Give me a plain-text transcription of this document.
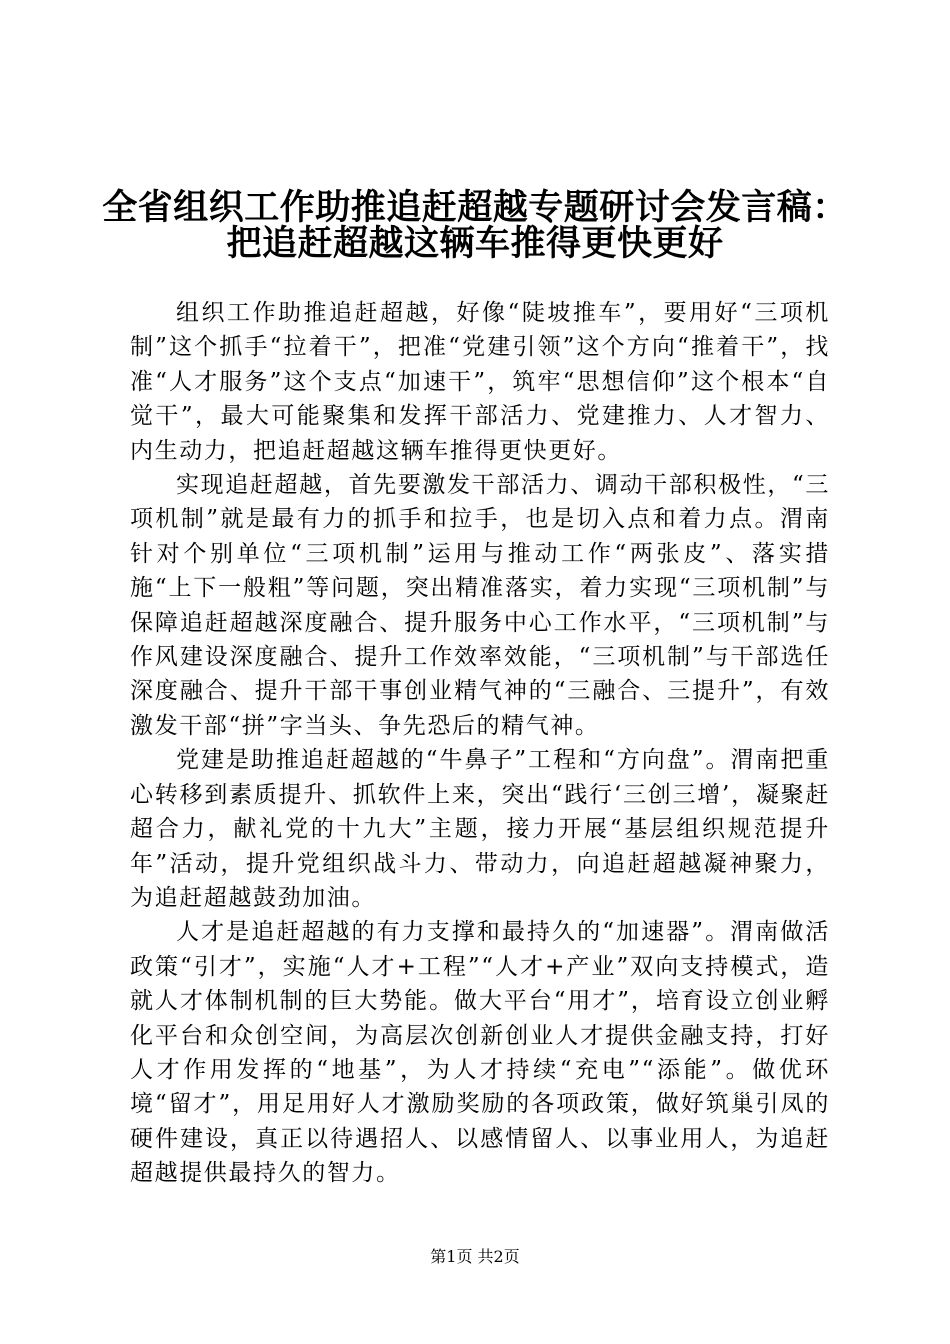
全省组织工作助推追赶超越专题研讨会发言稿：
把追赶超越这辆车推得更快更好

组织工作助推追赶超越，好像“陡坡推车”，要用好“三项机制”这个抓手“拉着干”，把准“党建引领”这个方向“推着干”，找准“人才服务”这个支点“加速干”，筑牢“思想信仰”这个根本“自觉干”，最大可能聚集和发挥干部活力、党建推力、人才智力、内生动力，把追赶超越这辆车推得更快更好。

实现追赶超越，首先要激发干部活力、调动干部积极性，“三项机制”就是最有力的抓手和拉手，也是切入点和着力点。渭南针对个别单位“三项机制”运用与推动工作“两张皮”、落实措施“上下一般粗”等问题，突出精准落实，着力实现“三项机制”与保障追赶超越深度融合、提升服务中心工作水平，“三项机制”与作风建设深度融合、提升工作效率效能，“三项机制”与干部选任深度融合、提升干部干事创业精气神的“三融合、三提升”，有效激发干部“拼”字当头、争先恐后的精气神。

党建是助推追赶超越的“牛鼻子”工程和“方向盘”。渭南把重心转移到素质提升、抓软件上来，突出“践行‘三创三增’，凝聚赶超合力，献礼党的十九大”主题，接力开展“基层组织规范提升年”活动，提升党组织战斗力、带动力，向追赶超越凝神聚力，为追赶超越鼓劲加油。

人才是追赶超越的有力支撑和最持久的“加速器”。渭南做活政策“引才”，实施“人才+工程”“人才+产业”双向支持模式，造就人才体制机制的巨大势能。做大平台“用才”，培育设立创业孵化平台和众创空间，为高层次创新创业人才提供金融支持，打好人才作用发挥的“地基”，为人才持续“充电”“添能”。做优环境“留才”，用足用好人才激励奖励的各项政策，做好筑巢引凤的硬件建设，真正以待遇招人、以感情留人、以事业用人，为追赶超越提供最持久的智力。

第1页 共2页
